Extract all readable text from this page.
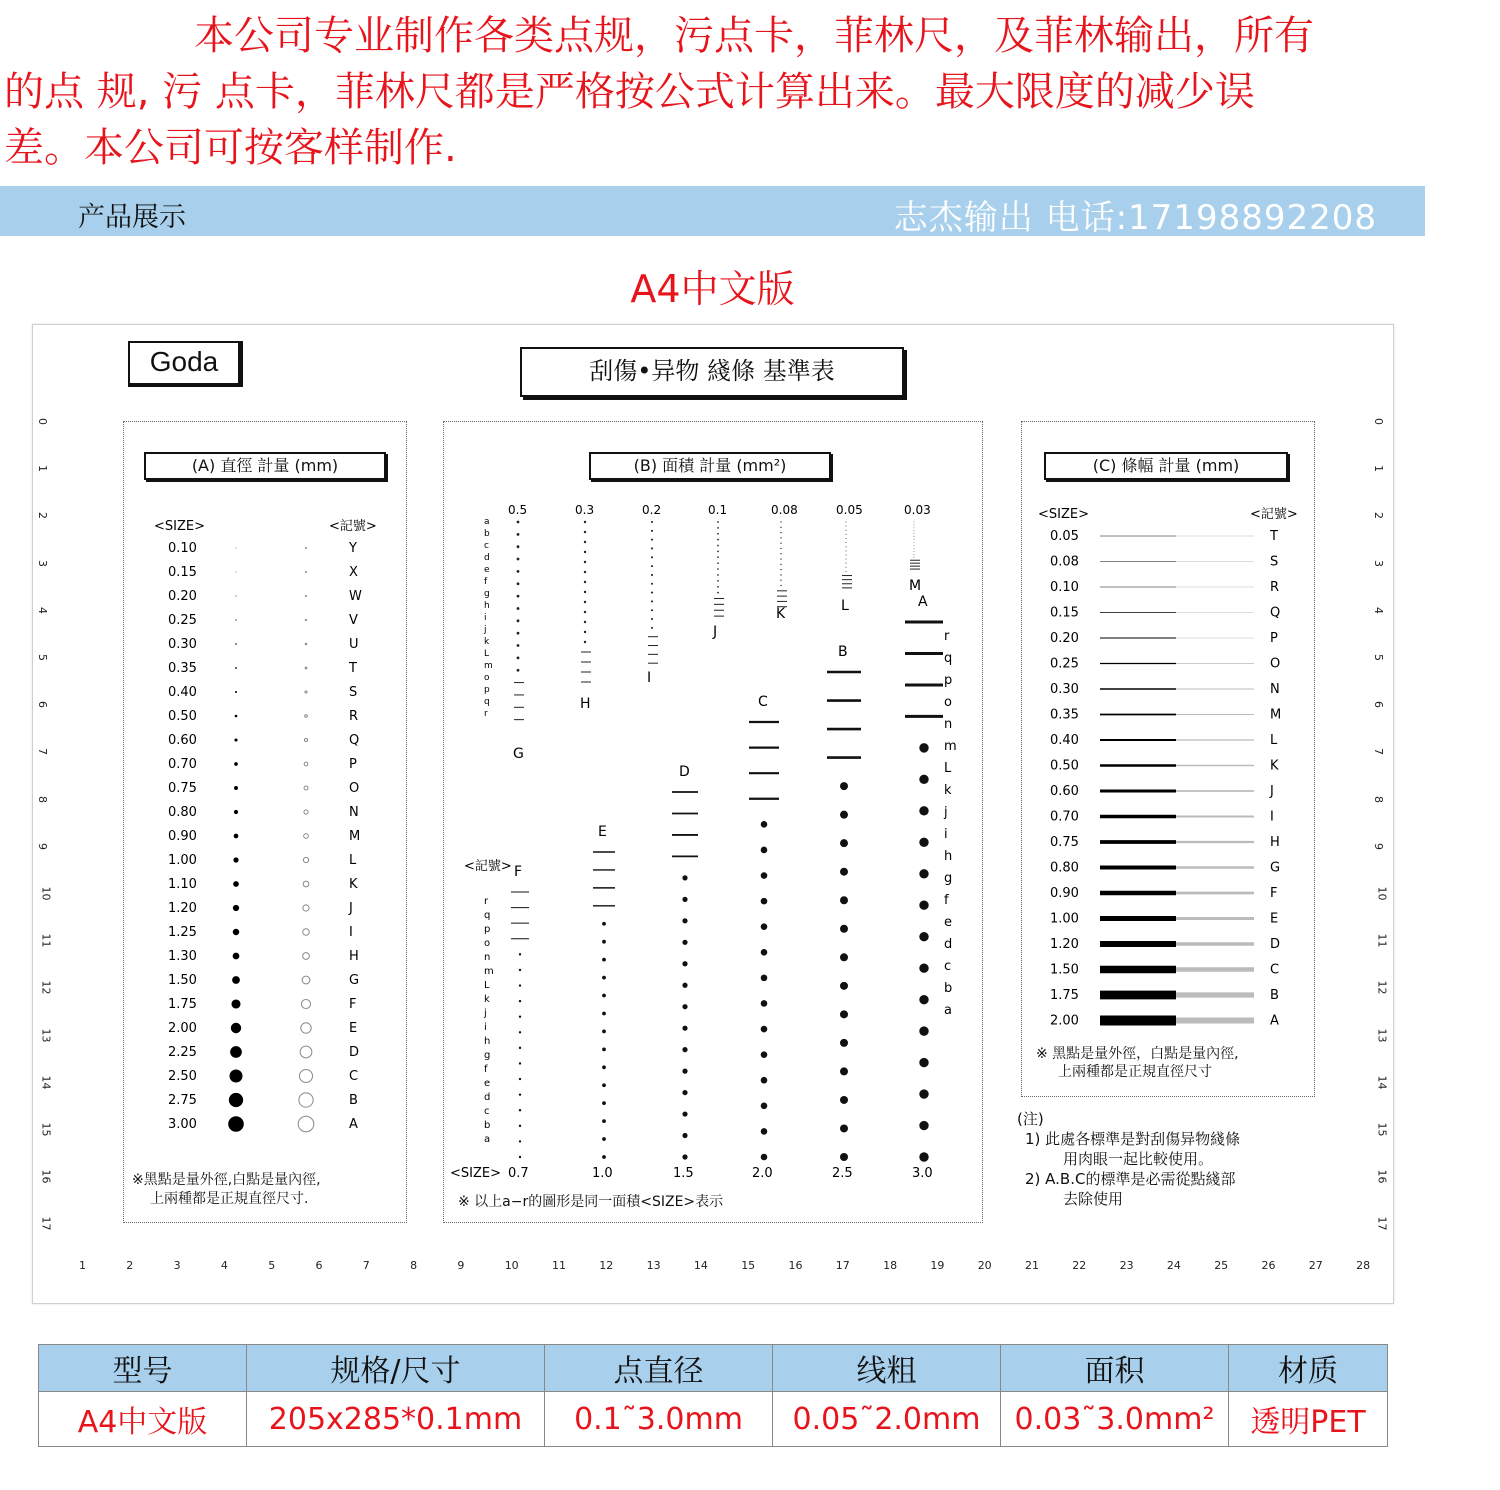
本公司专业制作各类点规，污点卡，菲林尺，及菲林输出，所有

的点 规, 污 点卡，菲林尺都是严格按公式计算出来。最大限度的减少误

差。本公司可按客样制作.

产品展示	志杰输出 电话:17198892208
A4中文版
Goda	刮傷•异物 綫條 基準表
0
1
2
3
4
5
6
7
8
9
10
11
12
13
14
15
16
17
0
1
2
3
4
5
6
7
8
9
10
11
12
13
14
15
16
17
1	2	3	4	5	6	7	8	9	10	11	12	13	14	15	16	17	18	19	20	21	22	23	24	25	26	27	28
(A) 直徑 計量 (mm)
<SIZE>	<記號>
0.10	Y
0.15	X
0.20	W
0.25	V
0.30	U
0.35	T
0.40	S
0.50	R
0.60	Q
0.70	P
0.75	O
0.80	N
0.90	M
1.00	L
1.10	K
1.20	J
1.25	I
1.30	H
1.50	G
1.75	F
2.00	E
2.25	D
2.50	C
2.75	B
3.00	A
※黑點是量外徑,白點是量內徑,
上兩種都是正規直徑尺寸.
(B) 面積 計量 (mm²)
0.5	0.3	0.2	0.1	0.08	0.05	0.03
G
H
I
J
K	L
M
a
b
c
d
e
f
g
h
i
j
k
L
m
o
p
q
r
<記號>
r
q
p
o
n
m
L
k
j
i
h
g
f
e
d
c
b
a
F
E
D
C
B
A
0.7	1.0	1.5	2.0	2.5	3.0
<SIZE>
r
q
p
o
n
m
L
k
j
i
h
g
f
e
d
c
b
a
※ 以上a−r的圖形是同一面積<SIZE>表示
(C) 條幅 計量 (mm)
<SIZE>	<記號>
0.05	T
0.08	S
0.10	R
0.15	Q
0.20	P
0.25	O
0.30	N
0.35	M
0.40	L
0.50	K
0.60	J
0.70	I
0.75	H
0.80	G
0.90	F
1.00	E
1.20	D
1.50	C
1.75	B
2.00	A
※ 黑點是量外徑，白點是量內徑,
上兩種都是正規直徑尺寸
(注)
1) 此處各標準是對刮傷异物綫條
用肉眼一起比較使用。
2) A.B.C的標準是必需從點綫部
去除使用
型号	规格/尺寸	点直径	线粗	面积	材质
A4中文版	205x285*0.1mm	0.1˜3.0mm	0.05˜2.0mm	0.03˜3.0mm²	透明PET
